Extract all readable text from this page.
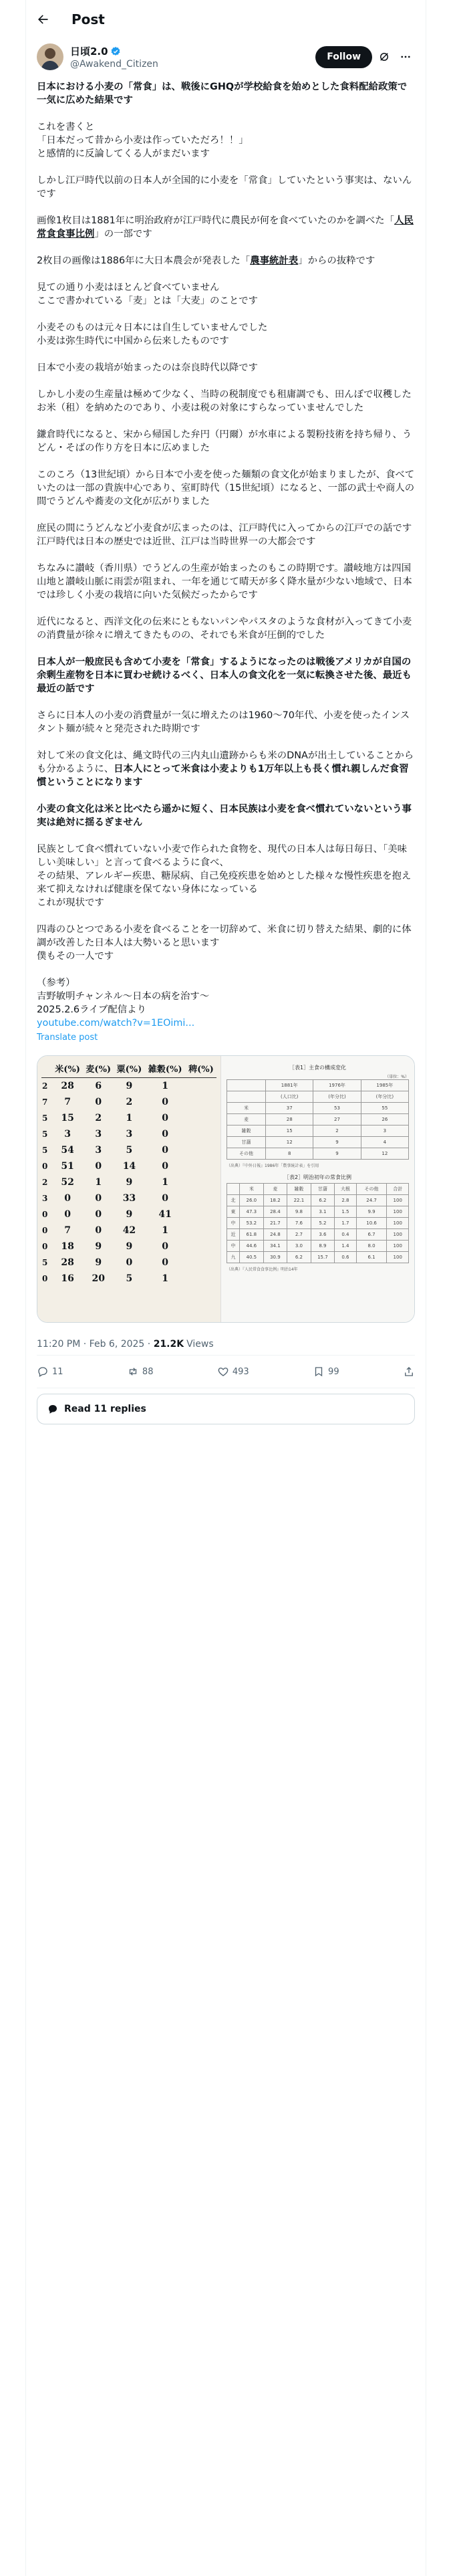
Post
日頃2.0
@Awakend_Citizen
Follow

日本における小麦の「常食」は、戦後にGHQが学校給食を始めとした食料配給政策で一気に広めた結果です

これを書くと
「日本だって昔から小麦は作っていただろ！！」
と感情的に反論してくる人がまだいます

しかし江戸時代以前の日本人が全国的に小麦を「常食」していたという事実は、ないんです

画像1枚目は1881年に明治政府が江戸時代に農民が何を食べていたのかを調べた「人民常食食事比例」の一部です

2枚目の画像は1886年に大日本農会が発表した「農事統計表」からの抜粋です

見ての通り小麦はほとんど食べていません
ここで書かれている「麦」とは「大麦」のことです

小麦そのものは元々日本には自生していませんでした
小麦は弥生時代に中国から伝来したものです

日本で小麦の栽培が始まったのは奈良時代以降です

しかし小麦の生産量は極めて少なく、当時の税制度でも租庸調でも、田んぼで収穫したお米（租）を納めたのであり、小麦は税の対象にすらなっていませんでした

鎌倉時代になると、宋から帰国した弁円（円爾）が水車による製粉技術を持ち帰り、うどん・そばの作り方を日本に広めました

このころ（13世紀頃）から日本で小麦を使った麺類の食文化が始まりましたが、食べていたのは一部の貴族中心であり、室町時代（15世紀頃）になると、一部の武士や商人の間でうどんや蕎麦の文化が広がりました

庶民の間にうどんなど小麦食が広まったのは、江戸時代に入ってからの江戸での話です
江戸時代は日本の歴史では近世、江戸は当時世界一の大都会です

ちなみに讃岐（香川県）でうどんの生産が始まったのもこの時期です。讃岐地方は四国山地と讃岐山脈に雨雲が阻まれ、一年を通じて晴天が多く降水量が少ない地域で、日本では珍しく小麦の栽培に向いた気候だったからです

近代になると、西洋文化の伝来にともないパンやパスタのような食材が入ってきて小麦の消費量が徐々に増えてきたものの、それでも米食が圧倒的でした

日本人が一般庶民も含めて小麦を「常食」するようになったのは戦後アメリカが自国の余剰生産物を日本に買わせ続けるべく、日本人の食文化を一気に転換させた後、最近も最近の話です

さらに日本人の小麦の消費量が一気に増えたのは1960〜70年代、小麦を使ったインスタント麺が続々と発売された時期です

対して米の食文化は、縄文時代の三内丸山遺跡からも米のDNAが出土していることからも分かるように、日本人にとって米食は小麦よりも1万年以上も長く慣れ親しんだ食習慣ということになります

小麦の食文化は米と比べたら遥かに短く、日本民族は小麦を食べ慣れていないという事実は絶対に揺るぎません

民族として食べ慣れていない小麦で作られた食物を、現代の日本人は毎日毎日、「美味しい美味しい」と言って食べるように食べ、
その結果、アレルギー疾患、糖尿病、自己免疫疾患を始めとした様々な慢性疾患を抱え来て抑えなければ健康を保てない身体になっている
これが現状です

四毒のひとつである小麦を食べることを一切辞めて、米食に切り替えた結果、劇的に体調が改善した日本人は大勢いると思います
僕もその一人です

（参考）
吉野敏明チャンネル〜日本の病を治す〜
2025.2.6ライブ配信より
youtube.com/watch?v=1EOimi...

Translate post
	米(%)	麦(%)	粟(%)	雑穀(%)	稗(%)
2	28	6	9	1	
7	7	0	2	0	
5	15	2	1	0	
5	3	3	3	0	
5	54	3	5	0	
0	51	0	14	0	
2	52	1	9	1	
3	0	0	33	0	
0	0	0	9	41	
0	7	0	42	1	
0	18	9	9	0	
5	28	9	0	0	
0	16	20	5	1	
［表1］主食の構成変化
（単位：%）
	1881年	1976年	1985年
	(人口比)	(年分比)	(年分比)
米	37	53	55
麦	28	27	26
雑穀	15	2	3
甘藷	12	9	4
その他	8	9	12
（出典）『中外日報』1986年「農事統計表」を引用
［表2］明治初年の常食比例
	米	麦	雑穀	甘藷	大根	その他	合計
北	26.0	18.2	22.1	6.2	2.8	24.7	100
東	47.3	28.4	9.8	3.1	1.5	9.9	100
中	53.2	21.7	7.6	5.2	1.7	10.6	100
近	61.8	24.8	2.7	3.6	0.4	6.7	100
中	44.6	34.1	3.0	8.9	1.4	8.0	100
九	40.5	30.9	6.2	15.7	0.6	6.1	100
（出典）『人民常食食事比例』明治14年
11:20 PM · Feb 6, 2025 ·
21.2K Views
11	88	493	99
Read 11 replies
